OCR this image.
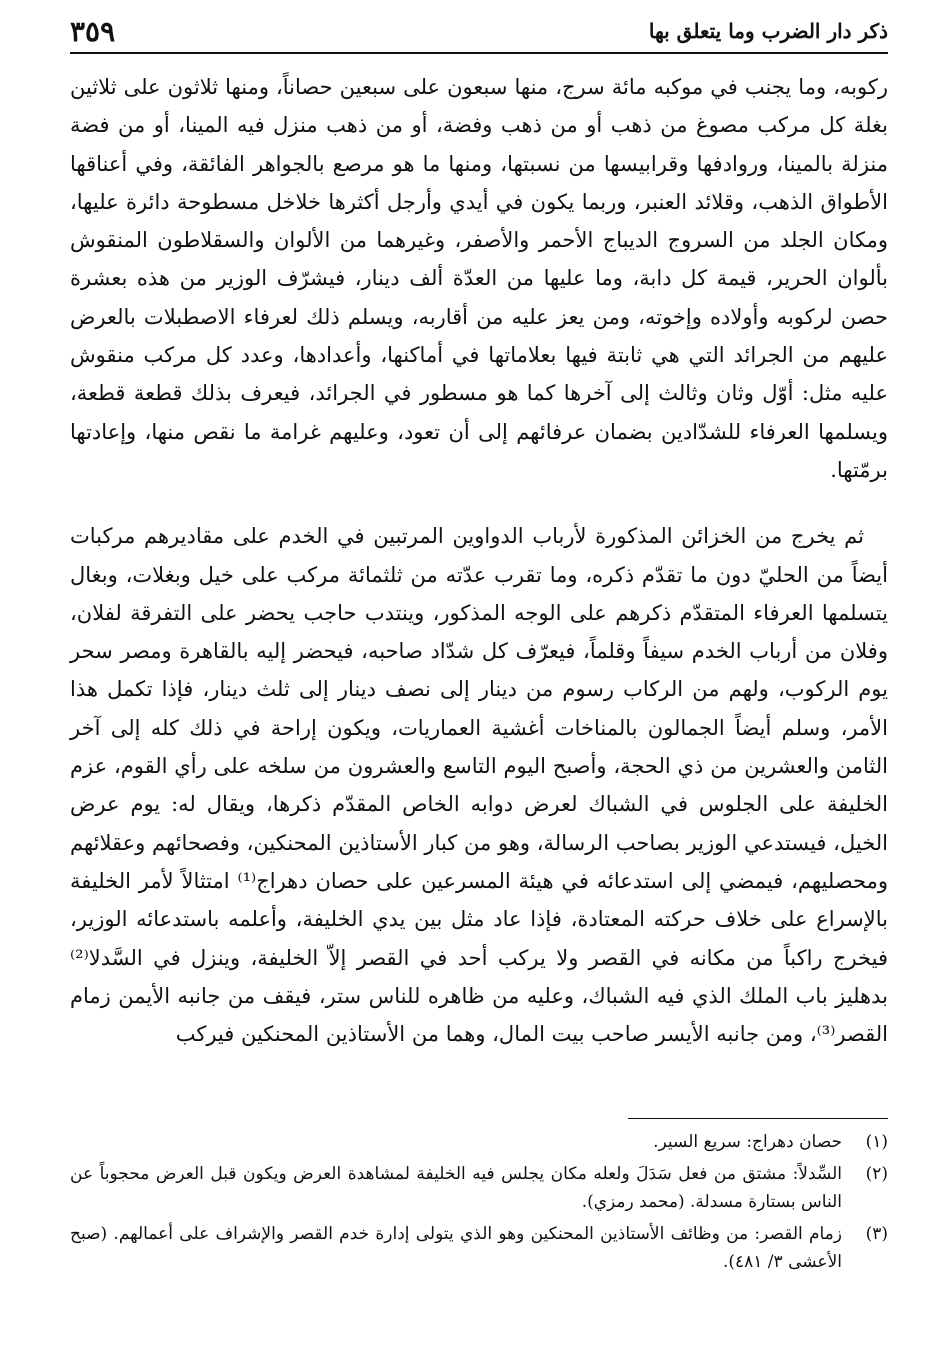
ذكر دار الضرب وما يتعلق بها
٣٥٩

ركوبه، وما يجنب في موكبه مائة سرج، منها سبعون على سبعين حصاناً، ومنها ثلاثون على ثلاثين بغلة كل مركب مصوغ من ذهب أو من ذهب وفضة، أو من ذهب منزل فيه المينا، أو من فضة منزلة بالمينا، وروادفها وقرابيسها من نسبتها، ومنها ما هو مرصع بالجواهر الفائقة، وفي أعناقها الأطواق الذهب، وقلائد العنبر، وربما يكون في أيدي وأرجل أكثرها خلاخل مسطوحة دائرة عليها، ومكان الجلد من السروج الديباج الأحمر والأصفر، وغيرهما من الألوان والسقلاطون المنقوش بألوان الحرير، قيمة كل دابة، وما عليها من العدّة ألف دينار، فيشرّف الوزير من هذه بعشرة حصن لركوبه وأولاده وإخوته، ومن يعز عليه من أقاربه، ويسلم ذلك لعرفاء الاصطبلات بالعرض عليهم من الجرائد التي هي ثابتة فيها بعلاماتها في أماكنها، وأعدادها، وعدد كل مركب منقوش عليه مثل: أوّل وثان وثالث إلى آخرها كما هو مسطور في الجرائد، فيعرف بذلك قطعة قطعة، ويسلمها العرفاء للشدّادين بضمان عرفائهم إلى أن تعود، وعليهم غرامة ما نقص منها، وإعادتها برمّتها.

ثم يخرج من الخزائن المذكورة لأرباب الدواوين المرتبين في الخدم على مقاديرهم مركبات أيضاً من الحليّ دون ما تقدّم ذكره، وما تقرب عدّته من ثلثمائة مركب على خيل وبغلات، وبغال يتسلمها العرفاء المتقدّم ذكرهم على الوجه المذكور، وينتدب حاجب يحضر على التفرقة لفلان، وفلان من أرباب الخدم سيفاً وقلماً، فيعرّف كل شدّاد صاحبه، فيحضر إليه بالقاهرة ومصر سحر يوم الركوب، ولهم من الركاب رسوم من دينار إلى نصف دينار إلى ثلث دينار، فإذا تكمل هذا الأمر، وسلم أيضاً الجمالون بالمناخات أغشية العماريات، ويكون إراحة في ذلك كله إلى آخر الثامن والعشرين من ذي الحجة، وأصبح اليوم التاسع والعشرون من سلخه على رأي القوم، عزم الخليفة على الجلوس في الشباك لعرض دوابه الخاص المقدّم ذكرها، ويقال له: يوم عرض الخيل، فيستدعي الوزير بصاحب الرسالة، وهو من كبار الأستاذين المحنكين، وفصحائهم وعقلائهم ومحصليهم، فيمضي إلى استدعائه في هيئة المسرعين على حصان دهراج⁽¹⁾ امتثالاً لأمر الخليفة بالإسراع على خلاف حركته المعتادة، فإذا عاد مثل بين يدي الخليفة، وأعلمه باستدعائه الوزير، فيخرج راكباً من مكانه في القصر ولا يركب أحد في القصر إلاّ الخليفة، وينزل في السَّدلا⁽²⁾ بدهليز باب الملك الذي فيه الشباك، وعليه من ظاهره للناس ستر، فيقف من جانبه الأيمن زمام القصر⁽³⁾، ومن جانبه الأيسر صاحب بيت المال، وهما من الأستاذين المحنكين فيركب

(١)
حصان دهراج: سريع السير.
(٢)
السِّدلاً: مشتق من فعل سَدَلَ ولعله مكان يجلس فيه الخليفة لمشاهدة العرض ويكون قبل العرض محجوباً عن الناس بستارة مسدلة. (محمد رمزي).
(٣)
زمام القصر: من وظائف الأستاذين المحنكين وهو الذي يتولى إدارة خدم القصر والإشراف على أعمالهم. (صبح الأعشى ٣/ ٤٨١).
